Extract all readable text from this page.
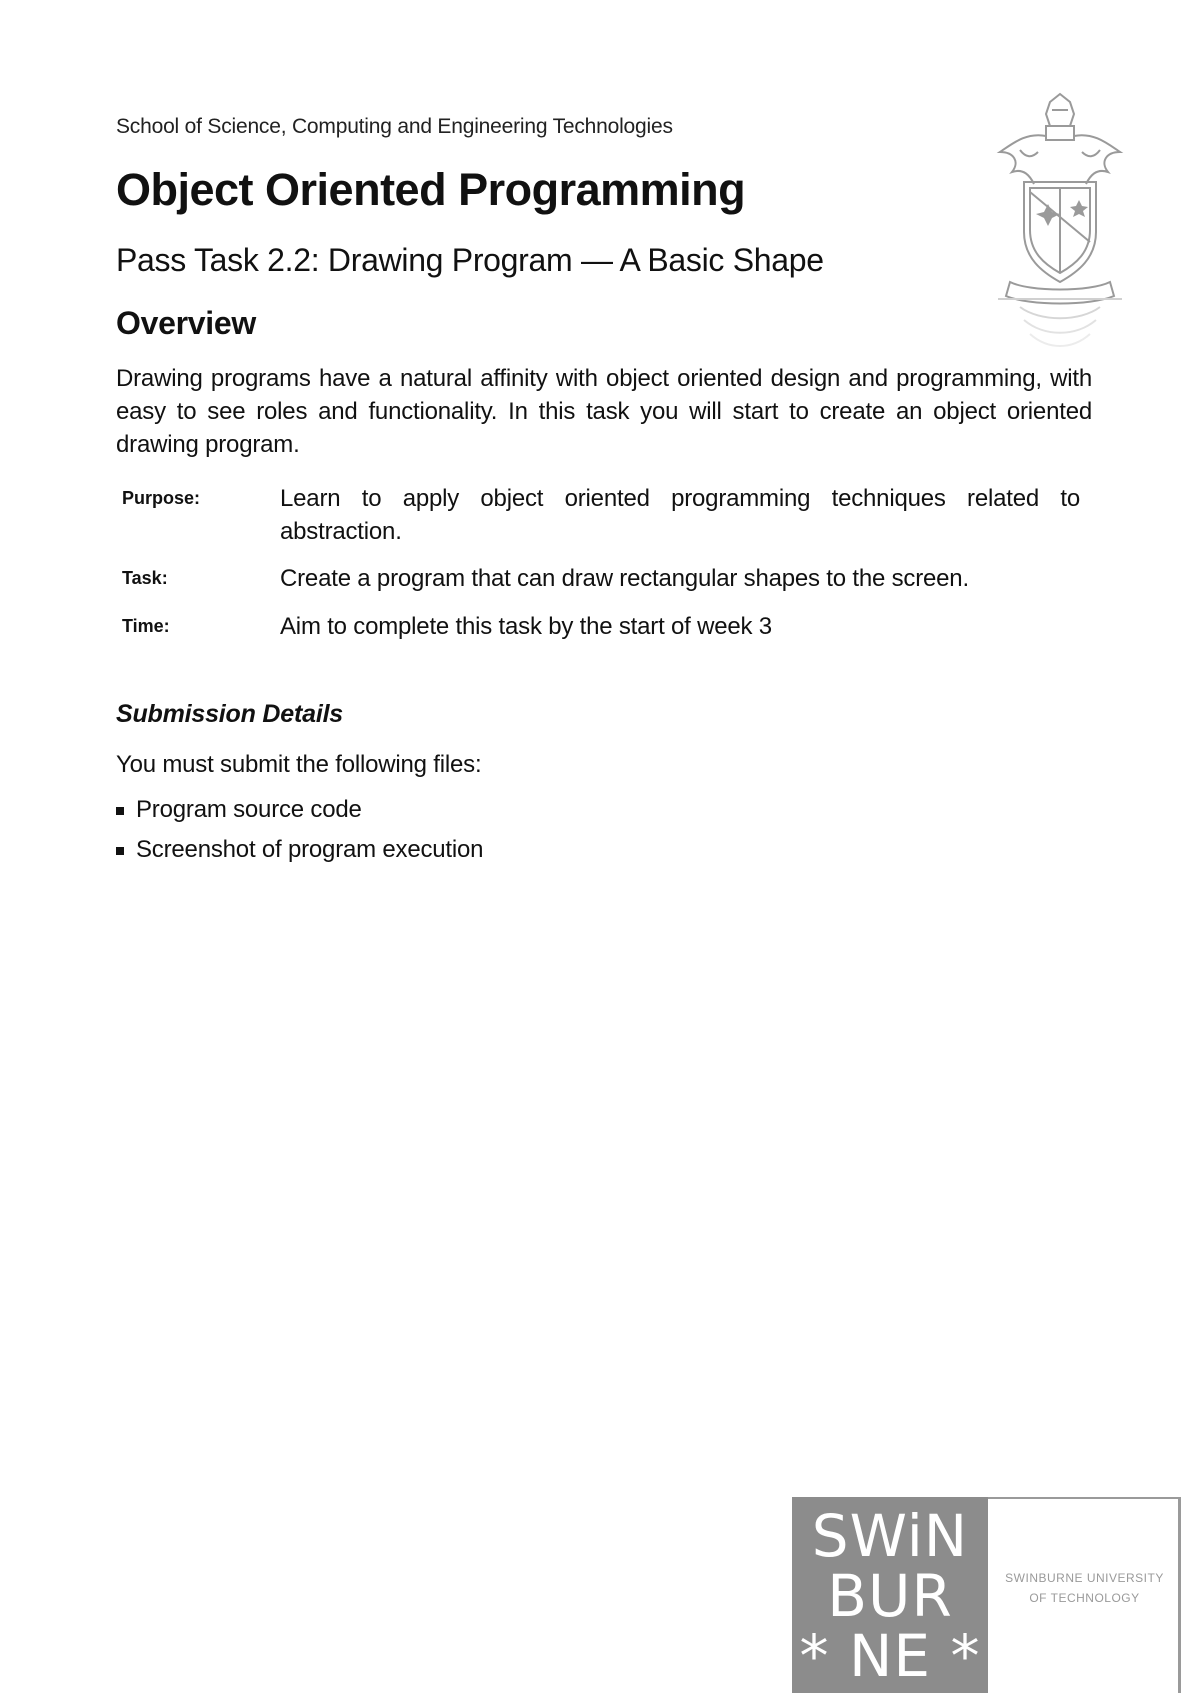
School of Science, Computing and Engineering Technologies
Object Oriented Programming
Pass Task 2.2: Drawing Program — A Basic Shape
Overview
Drawing programs have a natural affinity with object oriented design and programming, with easy to see roles and functionality. In this task you will start to create an object oriented drawing program.
Purpose:	Learn to apply object oriented programming techniques related to abstraction.
Task:	Create a program that can draw rectangular shapes to the screen.
Time:	Aim to complete this task by the start of week 3
Submission Details
You must submit the following files:
Program source code
Screenshot of program execution
SWiN
BUR
* NE *
SWINBURNE UNIVERSITY
OF TECHNOLOGY
